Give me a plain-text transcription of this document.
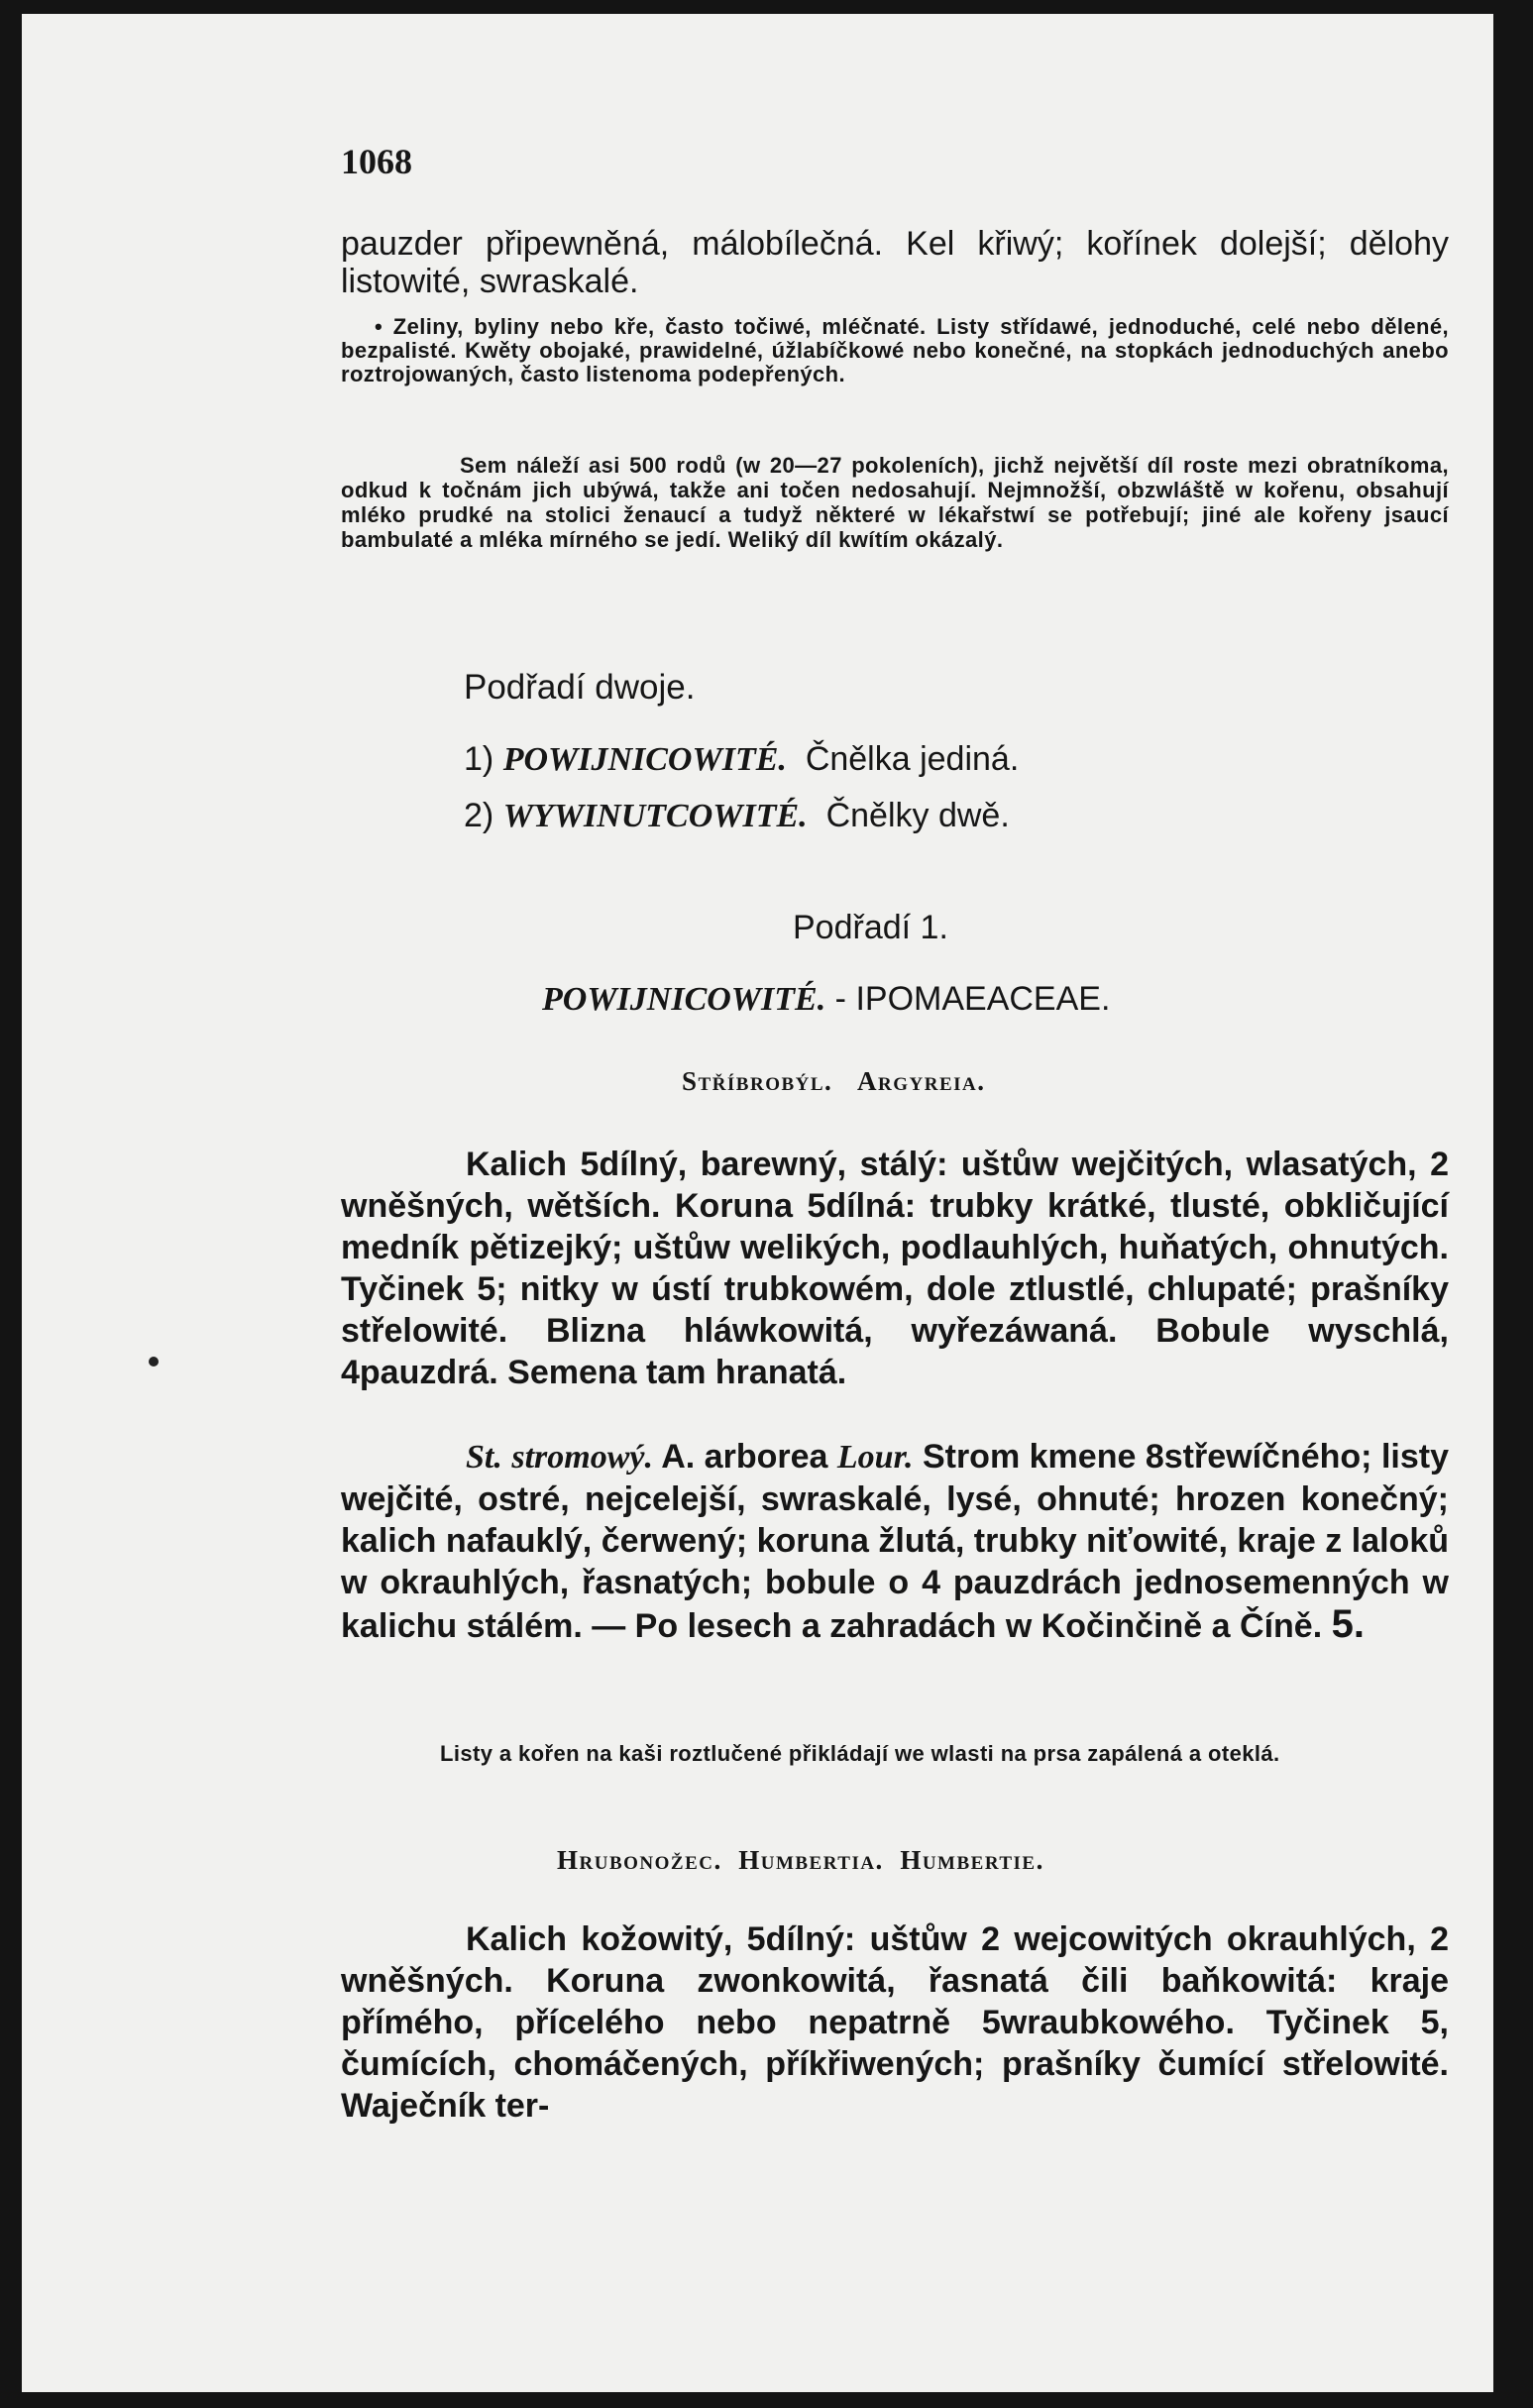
1068

pauzder připewněná, málobílečná. Kel křiwý; kořínek dolejší; dělohy listowité, swraskalé.

• Zeliny, byliny nebo kře, často točiwé, mléčnaté. Listy střídawé, jednoduché, celé nebo dělené, bezpalisté. Kwěty obojaké, prawidelné, úžlabíčkowé nebo konečné, na stopkách jednoduchých anebo roztrojowaných, často listenoma podepřených.

Sem náleží asi 500 rodů (w 20—27 pokoleních), jichž největší díl roste mezi obratníkoma, odkud k točnám jich ubýwá, takže ani točen nedosahují. Nejmnožší, obzwláště w kořenu, obsahují mléko prudké na stolici ženaucí a tudyž některé w lékařstwí se potřebují; jiné ale kořeny jsaucí bambulaté a mléka mírného se jedí. Weliký díl kwítím okázalý.

Podřadí dwoje.
1) POWIJNICOWITÉ. Čnělka jediná.
2) WYWINUTCOWITÉ. Čnělky dwě.
Podřadí 1.
POWIJNICOWITÉ. - IPOMAEACEAE.
Stříbrobýl. Argyreia.

Kalich 5dílný, barewný, stálý: uštůw wejčitých, wlasatých, 2 wněšných, wětších. Koruna 5dílná: trubky krátké, tlusté, obkličující medník pětizejký; uštůw welikých, podlauhlých, huňatých, ohnutých. Tyčinek 5; nitky w ústí trubkowém, dole ztlustlé, chlupaté; prašníky střelowité. Blizna hláwkowitá, wyřezáwaná. Bobule wyschlá, 4pauzdrá. Semena tam hranatá.

St. stromowý. A. arborea Lour. Strom kmene 8střewíčného; listy wejčité, ostré, nejcelejší, swraskalé, lysé, ohnuté; hrozen konečný; kalich nafauklý, čerwený; koruna žlutá, trubky niťowité, kraje z laloků w okrauhlých, řasnatých; bobule o 4 pauzdrách jednosemenných w kalichu stálém. — Po lesech a zahradách w Kočinčině a Číně. 5.

Listy a kořen na kaši roztlučené přikládají we wlasti na prsa zapálená a oteklá.

Hrubonožec. Humbertia. Humbertie.

Kalich kožowitý, 5dílný: uštůw 2 wejcowitých okrauhlých, 2 wněšných. Koruna zwonkowitá, řasnatá čili baňkowitá: kraje přímého, přícelého nebo nepatrně 5wraubkowého. Tyčinek 5, čumících, chomáčených, příkřiwených; prašníky čumící střelowité. Waječník ter-
